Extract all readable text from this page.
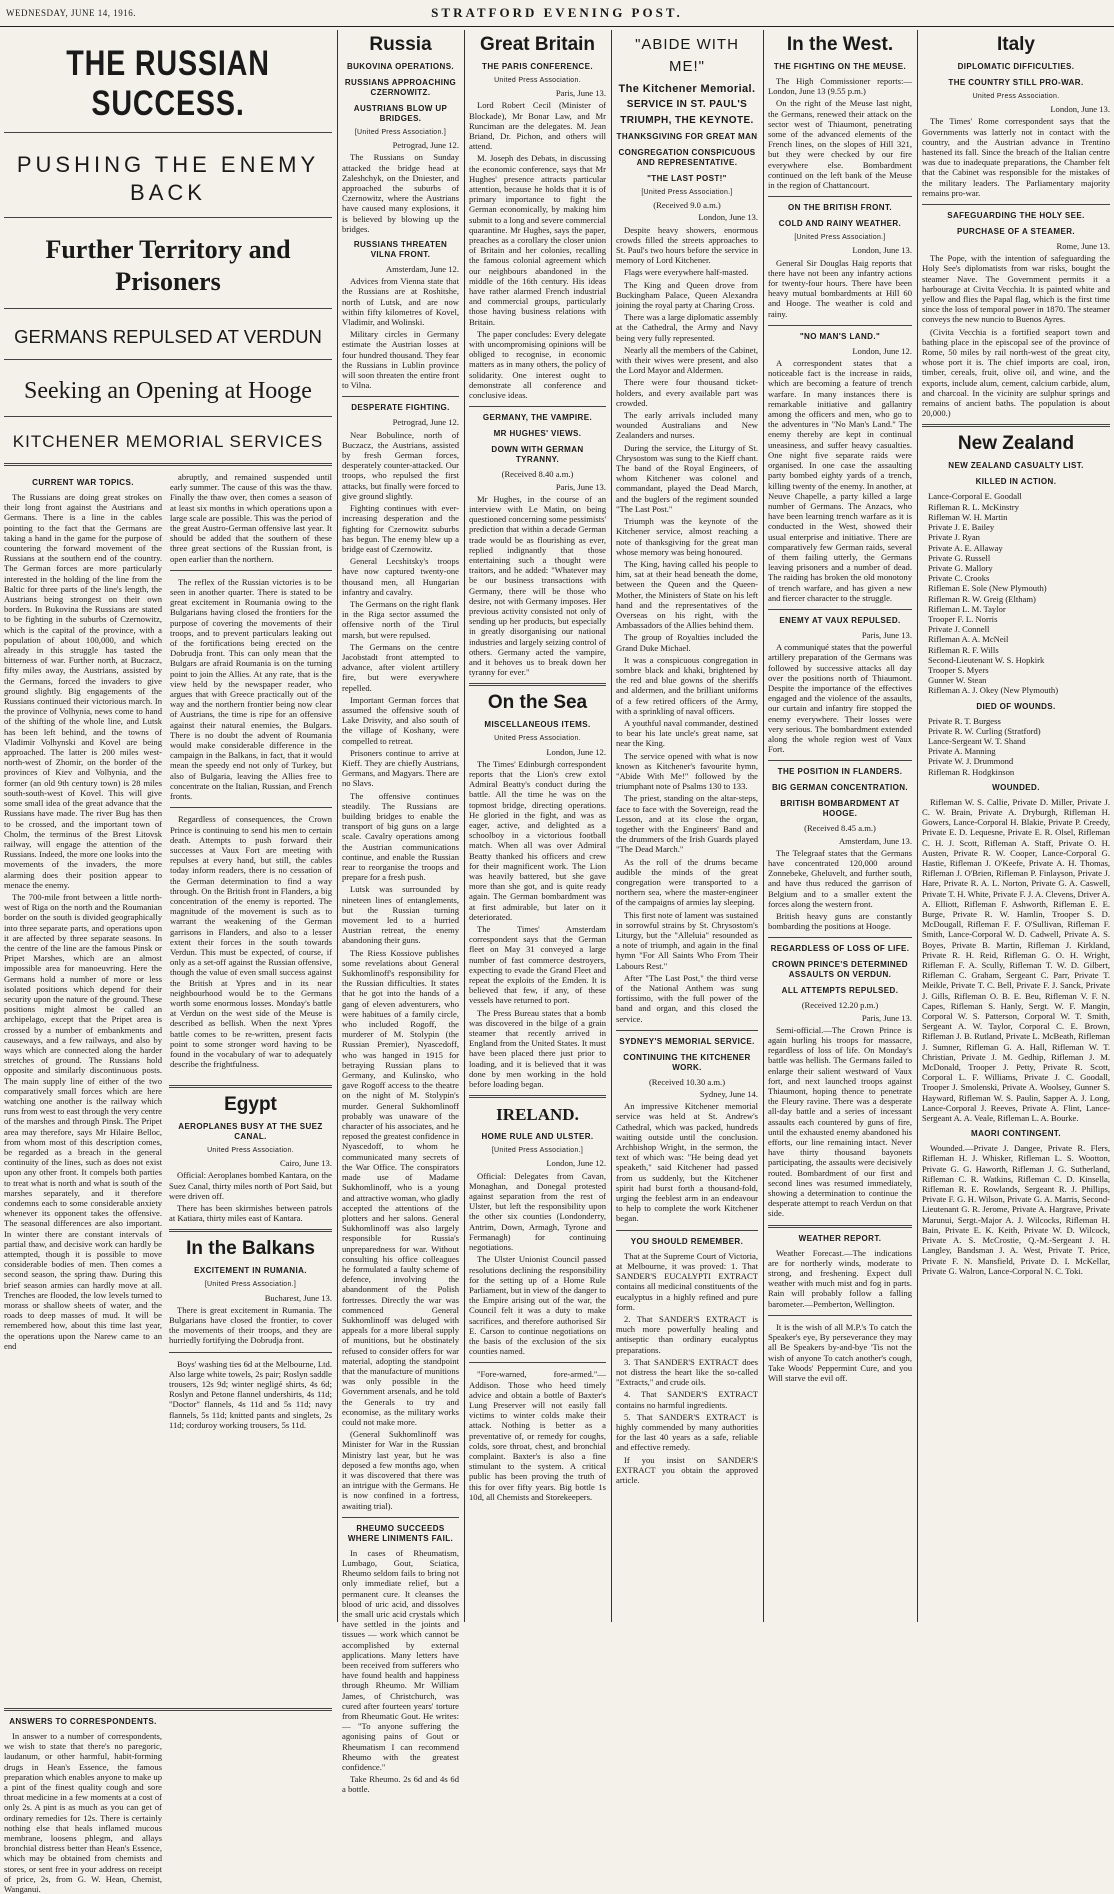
WEDNESDAY, JUNE 14, 1916.	STRATFORD EVENING POST.
THE RUSSIAN SUCCESS.
PUSHING THE ENEMY BACK
Further Territory and Prisoners
GERMANS REPULSED AT VERDUN
Seeking an Opening at Hooge
KITCHENER MEMORIAL SERVICES
CURRENT WAR TOPICS.

The Russians are doing great strokes on their long front against the Austrians and Germans. There is a line in the cables pointing to the fact that the Germans are taking a hand in the game for the purpose of countering the forward movement of the Russians at the southern end of the country. The German forces are more particularly interested in the holding of the line from the Baltic for three parts of the line's length, the Austrians being strongest on their own borders. In Bukovina the Russians are stated to be fighting in the suburbs of Czernowitz, which is the capital of the province, with a population of about 100,000, and which already in this struggle has tasted the bitterness of war. Further north, at Buczacz, fifty miles away, the Austrians, assisted by the Germans, forced the invaders to give ground slightly. Big engagements of the Russians continued their victorious march. In the province of Volhynia, news come to hand of the shifting of the whole line, and Lutsk has been left behind, and the towns of Vladimir Volhynski and Kovel are being approached. The latter is 200 miles west-north-west of Zhomir, on the border of the provinces of Kiev and Volhynia, and the former (an old 9th century town) is 28 miles south-south-west of Kovel. This will give some small idea of the great advance that the Russians have made. The river Bug has then to be crossed, and the important town of Cholm, the terminus of the Brest Litovsk railway, will engage the attention of the Russians. Indeed, the more one looks into the movements of the invaders, the more alarming does their position appear to menace the enemy.

The 700-mile front between a little north-west of Riga on the north and the Roumanian border on the south is divided geographically into three separate parts, and operations upon it are affected by three separate seasons. In the centre of the line are the famous Pinsk or Pripet Marshes, which are an almost impossible area for manoeuvring. Here the Germans hold a number of more or less isolated positions which depend for their security upon the nature of the ground. These positions might almost be called an archipelago, except that the Pripet area is crossed by a number of embankments and causeways, and a few railways, and also by ways which are connected along the harder stretches of ground. The Russians hold opposite and similarly discontinuous posts. The main supply line of either of the two comparatively small forces which are here watching one another is the railway which runs from west to east through the very centre of the marshes and through Pinsk. The Pripet area may therefore, says Mr Hilaire Belloc, from whom most of this description comes, be regarded as a breach in the general continuity of the lines, such as does not exist upon any other front. It compels both parties to treat what is north and what is south of the marshes separately, and it therefore condemns each to some considerable anxiety whenever its opponent takes the offensive. The seasonal differences are also important. In winter there are constant intervals of partial thaw, and decisive work can hardly be attempted, though it is possible to move considerable bodies of men. Then comes a second season, the spring thaw. During this brief season armies can hardly move at all. Trenches are flooded, the low levels turned to morass or shallow sheets of water, and the roads to deep masses of mud. It will be remembered how, about this time last year, the operations upon the Narew came to an end

abruptly, and remained suspended until early summer. The cause of this was the thaw. Finally the thaw over, then comes a season of at least six months in which operations upon a large scale are possible. This was the period of the great Austro-German offensive last year. It should be added that the southern of these three great sections of the Russian front, is open earlier than the northern.

The reflex of the Russian victories is to be seen in another quarter. There is stated to be great excitement in Roumania owing to the Bulgarians having closed the frontiers for the purpose of covering the movements of their troops, and to prevent particulars leaking out of the fortifications being erected on the Dobrudja front. This can only mean that the Bulgars are afraid Roumania is on the turning point to join the Allies. At any rate, that is the view held by the newspaper reader, who argues that with Greece practically out of the way and the northern frontier being now clear of Austrians, the time is ripe for an offensive against their natural enemies, the Bulgars. There is no doubt the advent of Roumania would make considerable difference in the campaign in the Balkans, in fact, that it would mean the speedy end not only of Turkey, but also of Bulgaria, leaving the Allies free to concentrate on the Italian, Russian, and French fronts.

Regardless of consequences, the Crown Prince is continuing to send his men to certain death. Attempts to push forward their successes at Vaux Fort are meeting with repulses at every hand, but still, the cables today inform readers, there is no cessation of the German determination to find a way through. On the British front in Flanders, a big concentration of the enemy is reported. The magnitude of the movement is such as to warrant the weakening of the German garrisons in Flanders, and also to a lesser extent their forces in the south towards Verdun. This must be expected, of course, if only as a set-off against the Russian offensive, though the value of even small success against the British at Ypres and in its near neighbourhood would be to the Germans worth some enormous losses. Monday's battle at Verdun on the west side of the Meuse is described as bellish. When the next Ypres battle comes to be re-written, present facts point to some stronger word having to be found in the vocabulary of war to adequately describe the frightfulness.

ANSWERS TO CORRESPONDENTS.

In answer to a number of correspondents, we wish to state that there's no paregoric, laudanum, or other harmful, habit-forming drugs in Hean's Essence, the famous preparation which enables anyone to make up a pint of the finest quality cough and sore throat medicine in a few moments at a cost of only 2s. A pint is as much as you can get of ordinary remedies for 12s. There is certainly nothing else that heals inflamed mucous membrane, loosens phlegm, and allays bronchial distress better than Hean's Essence, which may be obtained from chemists and stores, or sent free in your address on receipt of price, 2s, from G. W. Hean, Chemist, Wanganui.

Russia
BUKOVINA OPERATIONS.
RUSSIANS APPROACHING CZERNOWITZ.
AUSTRIANS BLOW UP BRIDGES.
[United Press Association.]

Petrograd, June 12.

The Russians on Sunday attacked the bridge head at Zaleshchyk, on the Dniester, and approached the suburbs of Czernowitz, where the Austrians have caused many explosions, it is believed by blowing up the bridges.

RUSSIANS THREATEN VILNA FRONT.

Amsterdam, June 12.

Advices from Vienna state that the Russians are at Roshitshe, north of Lutsk, and are now within fifty kilometres of Kovel, Vladimir, and Wolinski.

Military circles in Germany estimate the Austrian losses at four hundred thousand. They fear the Russians in Lublin province will soon threaten the entire front to Vilna.

DESPERATE FIGHTING.

Petrograd, June 12.

Near Bobulince, north of Buczacz, the Austrians, assisted by fresh German forces, desperately counter-attacked. Our troops, who repulsed the first attacks, but finally were forced to give ground slightly.

Fighting continues with ever-increasing desperation and the fighting for Czernowitz suburbs has begun. The enemy blew up a bridge east of Czernowitz.

General Lecshitsky's troops have now captured twenty-one thousand men, all Hungarian infantry and cavalry.

The Germans on the right flank in the Riga sector assumed the offensive north of the Tirul marsh, but were repulsed.

The Germans on the centre Jacobstadt front attempted to advance, after violent artillery fire, but were everywhere repelled.

Important German forces that assumed the offensive south of Lake Drisvity, and also south of the village of Koshany, were compelled to retreat.

Prisoners continue to arrive at Kieff. They are chiefly Austrians, Germans, and Magyars. There are no Slavs.

The offensive continues steadily. The Russians are building bridges to enable the transport of big guns on a large scale. Cavalry operations among the Austrian communications continue, and enable the Russian rear to reorganise the troops and prepare for a fresh push.

Lutsk was surrounded by nineteen lines of entanglements, but the Russian turning movement led to a hurried Austrian retreat, the enemy abandoning their guns.

The Riess Kossiove publishes some revelations about General Sukhomlinoff's responsibility for the Russian difficulties. It states that he got into the hands of a gang of eleven adventurers, who were habitues of a family circle, who included Rogoff, the murderer of M. Stolypin (the Russian Premier), Nyascedoff, who was hanged in 1915 for betraying Russian plans to Germany, and Kulinsko, who gave Rogoff access to the theatre on the night of M. Stolypin's murder. General Sukhomlinoff probably was unaware of the character of his associates, and he reposed the greatest confidence in Nyascedoff, to whom he communicated many secrets of the War Office. The conspirators made use of Madame Sukhomlinoff, who is a young and attractive woman, who gladly accepted the attentions of the plotters and her salons. General Sukhomlinoff was also largely responsible for Russia's unpreparedness for war. Without consulting his office colleagues he formulated a faulty scheme of defence, involving the abandonment of the Polish fortresses. Directly the war was commenced General Sukhomlinoff was deluged with appeals for a more liberal supply of munitions, but he obstinately refused to consider offers for war material, adopting the standpoint that the manufacture of munitions was only possible in the Government arsenals, and he told the Generals to try and economise, as the military works could not make more.

(General Sukhomlinoff was Minister for War in the Russian Ministry last year, but he was deposed a few months ago, when it was discovered that there was an intrigue with the Germans. He is now confined in a fortress, awaiting trial).

RHEUMO SUCCEEDS WHERE LINIMENTS FAIL.

In cases of Rheumatism, Lumbago, Gout, Sciatica, Rheumo seldom fails to bring not only immediate relief, but a permanent cure. It cleanses the blood of uric acid, and dissolves the small uric acid crystals which have settled in the joints and tissues — work which cannot be accomplished by external applications. Many letters have been received from sufferers who have found health and happiness through Rheumo. Mr William James, of Christchurch, was cured after fourteen years' torture from Rheumatic Gout. He writes: — "To anyone suffering the agonising pains of Gout or Rheumatism I can recommend Rheumo with the greatest confidence."

Take Rheumo. 2s 6d and 4s 6d a bottle.

Egypt
AEROPLANES BUSY AT THE SUEZ CANAL.
United Press Association.

Cairo, June 13.

Official: Aeroplanes bombed Kantara, on the Suez Canal, thirty miles north of Port Said, but were driven off.

There has been skirmishes between patrols at Katiara, thirty miles east of Kantara.

In the Balkans
EXCITEMENT IN RUMANIA.
[United Press Association.]

Bucharest, June 13.

There is great excitement in Rumania. The Bulgarians have closed the frontier, to cover the movements of their troops, and they are hurriedly fortifying the Dobrudja front.

Boys' washing ties 6d at the Melbourne, Ltd. Also large white towels, 2s pair; Roslyn saddle trousers, 12s 9d; winter negligé shirts, 4s 6d; Roslyn and Petone flannel undershirts, 4s 11d; "Doctor" flannels, 4s 11d and 5s 11d; navy flannels, 5s 11d; knitted pants and singlets, 2s 11d; corduroy working trousers, 5s 11d.

Great Britain
THE PARIS CONFERENCE.
United Press Association.

Paris, June 13.

Lord Robert Cecil (Minister of Blockade), Mr Bonar Law, and Mr Runciman are the delegates. M. Jean Briand, Dr. Pichon, and others will attend.

M. Joseph des Debats, in discussing the economic conference, says that Mr Hughes' presence attracts particular attention, because he holds that it is of primary importance to fight the German economically, by making him submit to a long and severe commercial quarantine. Mr Hughes, says the paper, preaches as a corollary the closer union of Britain and her colonies, recalling the famous colonial agreement which our neighbours abandoned in the middle of the 16th century. His ideas have rather alarmed French industrial and commercial groups, particularly those having business relations with Britain.

The paper concludes: Every delegate with uncompromising opinions will be obliged to recognise, in economic matters as in many others, the policy of solidarity. One interest ought to demonstrate all conference and conclusive ideas.

GERMANY, THE VAMPIRE.
MR HUGHES' VIEWS.
DOWN WITH GERMAN TYRANNY.

(Received 8.40 a.m.)

Paris, June 13.

Mr Hughes, in the course of an interview with Le Matin, on being questioned concerning some pessimists' prediction that within a decade German trade would be as flourishing as ever, replied indignantly that those entertaining such a thought were traitors, and he added: "Whatever may be our business transactions with Germany, there will be those who desire, not with Germany imposes. Her previous activity consisted not only of sending up her products, but especially in greatly disorganising our national industries and largely seizing control of others. Germany acted the vampire, and it behoves us to break down her tyranny for ever."

On the Sea
MISCELLANEOUS ITEMS.
United Press Association.

London, June 12.

The Times' Edinburgh correspondent reports that the Lion's crew extol Admiral Beatty's conduct during the battle. All the time he was on the topmost bridge, directing operations. He gloried in the fight, and was as eager, active, and delighted as a schoolboy in a victorious football match. When all was over Admiral Beatty thanked his officers and crew for their magnificent work. The Lion was heavily battered, but she gave more than she got, and is quite ready again. The German bombardment was at first admirable, but later on it deteriorated.

The Times' Amsterdam correspondent says that the German fleet on May 31 conveyed a large number of fast commerce destroyers, expecting to evade the Grand Fleet and repeat the exploits of the Emden. It is believed that few, if any, of these vessels have returned to port.

The Press Bureau states that a bomb was discovered in the bilge of a grain steamer that recently arrived in England from the United States. It must have been placed there just prior to loading, and it is believed that it was done by men working in the hold before loading began.

IRELAND.
HOME RULE AND ULSTER.
[United Press Association.]

London, June 12.

Official: Delegates from Cavan, Monaghan, and Donegal protested against separation from the rest of Ulster, but left the responsibility upon the other six counties (Londonderry, Antrim, Down, Armagh, Tyrone and Fermanagh) for continuing negotiations.

The Ulster Unionist Council passed resolutions declining the responsibility for the setting up of a Home Rule Parliament, but in view of the danger to the Empire arising out of the war, the Council felt it was a duty to make sacrifices, and therefore authorised Sir E. Carson to continue negotiations on the basis of the exclusion of the six counties named.

"Fore-warned, fore-armed."—Addison. Those who heed timely advice and obtain a bottle of Baxter's Lung Preserver will not easily fall victims to winter colds make their attack. Nothing is better as a preventative of, or remedy for coughs, colds, sore throat, chest, and bronchial complaint. Baxter's is also a fine stimulant to the system. A critical public has been proving the truth of this for over fifty years. Big bottle 1s 10d, all Chemists and Storekeepers.

"ABIDE WITH ME!"
The Kitchener Memorial.
SERVICE IN ST. PAUL'S
TRIUMPH, THE KEYNOTE.
THANKSGIVING FOR GREAT MAN
CONGREGATION CONSPICUOUS AND REPRESENTATIVE.
"THE LAST POST!"
[United Press Association.]

(Received 9.0 a.m.)

London, June 13.

Despite heavy showers, enormous crowds filled the streets approaches to St. Paul's two hours before the service in memory of Lord Kitchener.

Flags were everywhere half-masted.

The King and Queen drove from Buckingham Palace, Queen Alexandra joining the royal party at Charing Cross.

There was a large diplomatic assembly at the Cathedral, the Army and Navy being very fully represented.

Nearly all the members of the Cabinet, with their wives were present, and also the Lord Mayor and Aldermen.

There were four thousand ticket-holders, and every available part was crowded.

The early arrivals included many wounded Australians and New Zealanders and nurses.

During the service, the Liturgy of St. Chrysostom was sung to the Kieff chant. The band of the Royal Engineers, of whom Kitchener was colonel and commandant, played the Dead March, and the buglers of the regiment sounded "The Last Post."

Triumph was the keynote of the Kitchener service, almost reaching a note of thanksgiving for the great man whose memory was being honoured.

The King, having called his people to him, sat at their head beneath the dome, between the Queen and the Queen-Mother, the Ministers of State on his left hand and the representatives of the Overseas on his right, with the Ambassadors of the Allies behind them.

The group of Royalties included the Grand Duke Michael.

It was a conspicuous congregation in sombre black and khaki, brightened by the red and blue gowns of the sheriffs and aldermen, and the brilliant uniforms of a few retired officers of the Army, with a sprinkling of naval officers.

A youthful naval commander, destined to bear his late uncle's great name, sat near the King.

The service opened with what is now known as Kitchener's favourite hymn, "Abide With Me!" followed by the triumphant note of Psalms 130 to 133.

The priest, standing on the altar-steps, face to face with the Sovereign, read the Lesson, and at its close the organ, together with the Engineers' Band and the drummers of the Irish Guards played "The Dead March."

As the roll of the drums became audible the minds of the great congregation were transported to a northern sea, where the master-engineer of the campaigns of armies lay sleeping.

This first note of lament was sustained in sorrowful strains by St. Chrysostom's Liturgy, but the "Alleluia" resounded as a note of triumph, and again in the final hymn "For All Saints Who From Their Labours Rest."

After "The Last Post," the third verse of the National Anthem was sung fortissimo, with the full power of the band and organ, and this closed the service.

SYDNEY'S MEMORIAL SERVICE.
CONTINUING THE KITCHENER WORK.

(Received 10.30 a.m.)

Sydney, June 14.

An impressive Kitchener memorial service was held at St. Andrew's Cathedral, which was packed, hundreds waiting outside until the conclusion. Archbishop Wright, in the sermon, the text of which was: "He being dead yet speaketh," said Kitchener had passed from us suddenly, but the Kitchener spirit had burst forth a thousand-fold, urging the feeblest arm in an endeavour to help to complete the work Kitchener began.

YOU SHOULD REMEMBER.

That at the Supreme Court of Victoria, at Melbourne, it was proved: 1. That SANDER'S EUCALYPTI EXTRACT contains all medicinal constituents of the eucalyptus in a highly refined and pure form.

2. That SANDER'S EXTRACT is much more powerfully healing and antiseptic than ordinary eucalyptus preparations.

3. That SANDER'S EXTRACT does not distress the heart like the so-called "Extracts," and crude oils.

4. That SANDER'S EXTRACT contains no harmful ingredients.

5. That SANDER'S EXTRACT is highly commended by many authorities for the last 40 years as a safe, reliable and effective remedy.

If you insist on SANDER'S EXTRACT you obtain the approved article.

In the West.
THE FIGHTING ON THE MEUSE.

The High Commissioner reports:— London, June 13 (9.55 p.m.)

On the right of the Meuse last night, the Germans, renewed their attack on the sector west of Thiaumont, penetrating some of the advanced elements of the French lines, on the slopes of Hill 321, but they were checked by our fire everywhere else. Bombardment continued on the left bank of the Meuse in the region of Chattancourt.

ON THE BRITISH FRONT.
COLD AND RAINY WEATHER.
[United Press Association.]

London, June 13.

General Sir Douglas Haig reports that there have not been any infantry actions for twenty-four hours. There have been heavy mutual bombardments at Hill 60 and Hooge. The weather is cold and rainy.

"NO MAN'S LAND."

London, June 12.

A correspondent states that a noticeable fact is the increase in raids, which are becoming a feature of trench warfare. In many instances there is remarkable initiative and gallantry among the officers and men, who go to the adventures in "No Man's Land." The enemy thereby are kept in continual uneasiness, and suffer heavy casualties. One night five separate raids were organised. In one case the assaulting party bombed eighty yards of a trench, killing twenty of the enemy. In another, at Neuve Chapelle, a party killed a large number of Germans. The Anzacs, who have been learning trench warfare as it is conducted in the West, showed their usual enterprise and initiative. There are comparatively few German raids, several of them failing utterly, the Germans leaving prisoners and a number of dead. The raiding has broken the old monotony of trench warfare, and has given a new and fiercer character to the struggle.

ENEMY AT VAUX REPULSED.

Paris, June 13.

A communiqué states that the powerful artillery preparation of the Germans was followed by successive attacks all day over the positions north of Thiaumont. Despite the importance of the effectives engaged and the violence of the assaults, our curtain and infantry fire stopped the enemy everywhere. Their losses were very serious. The bombardment extended along the whole region west of Vaux Fort.

THE POSITION IN FLANDERS.
BIG GERMAN CONCENTRATION.
BRITISH BOMBARDMENT AT HOOGE.

(Received 8.45 a.m.)

Amsterdam, June 13.

The Telegraaf states that the Germans have concentrated 120,000 around Zonnebeke, Gheluvelt, and further south, and have thus reduced the garrison of Belgium and to a smaller extent the forces along the western front.

British heavy guns are constantly bombarding the positions at Hooge.

REGARDLESS OF LOSS OF LIFE.
CROWN PRINCE'S DETERMINED ASSAULTS ON VERDUN.
ALL ATTEMPTS REPULSED.

(Received 12.20 p.m.)

Paris, June 13.

Semi-official.—The Crown Prince is again hurling his troops for massacre, regardless of loss of life. On Monday's battle was hellish. The Germans failed to enlarge their salient westward of Vaux fort, and next launched troops against Thiaumont, hoping thence to penetrate the Fleury ravine. There was a desperate all-day battle and a series of incessant assaults each countered by guns of fire, until the exhausted enemy abandoned his efforts, our line remaining intact. Never have thirty thousand bayonets participating, the assaults were decisively routed. Bombardment of our first and second lines was resumed immediately, showing a determination to continue the desperate attempt to reach Verdun on that side.

WEATHER REPORT.

Weather Forecast.—The indications are for northerly winds, moderate to strong, and freshening. Expect dull weather with much mist and fog in parts. Rain will probably follow a falling barometer.—Pemberton, Wellington.

It is the wish of all M.P.'s To catch the Speaker's eye, By perseverance they may all Be Speakers by-and-bye 'Tis not the wish of anyone To catch another's cough, Take Woods' Peppermint Cure, and you Will starve the evil off.

Italy
DIPLOMATIC DIFFICULTIES.
THE COUNTRY STILL PRO-WAR.
United Press Association.

London, June 13.

The Times' Rome correspondent says that the Governments was latterly not in contact with the country, and the Austrian advance in Trentino hastened its fall. Since the breach of the Italian centre was due to inadequate preparations, the Chamber felt that the Cabinet was responsible for the mistakes of the military leaders. The Parliamentary majority remains pro-war.

SAFEGUARDING THE HOLY SEE.
PURCHASE OF A STEAMER.

Rome, June 13.

The Pope, with the intention of safeguarding the Holy See's diplomatists from war risks, bought the steamer Nave. The Government permits it a harbourage at Civita Vecchia. It is painted white and yellow and flies the Papal flag, which is the first time since the loss of temporal power in 1870. The steamer conveys the new nuncio to Buenos Ayres.

(Civita Vecchia is a fortified seaport town and bathing place in the episcopal see of the province of Rome, 50 miles by rail north-west of the great city, whose port it is. The chief imports are coal, iron, timber, cereals, fruit, olive oil, and wine, and the exports, include alum, cement, calcium carbide, alum, and charcoal. In the vicinity are sulphur springs and remains of ancient baths. The population is about 20,000.)

New Zealand
NEW ZEALAND CASUALTY LIST.
KILLED IN ACTION.
Lance-Corporal E. Goodall
Rifleman R. L. McKinstry
Rifleman W. H. Martin
Private J. E. Bailey
Private J. Ryan
Private A. E. Allaway
Private G. Russell
Private G. Mallory
Private C. Crooks
Rifleman E. Sole (New Plymouth)
Rifleman R. W. Greig (Eltham)
Rifleman L. M. Taylor
Trooper F. L. Norris
Private J. Connell
Rifleman A. A. McNeil
Rifleman R. F. Wills
Second-Lieutenant W. S. Hopkirk
Trooper S. Myers
Gunner W. Stean
Rifleman A. J. Okey (New Plymouth)
DIED OF WOUNDS.
Private R. T. Burgess
Private R. W. Curling (Stratford)
Lance-Sergeant W. T. Shand
Private A. Manning
Private W. J. Drummond
Rifleman R. Hodgkinson
WOUNDED.

Rifleman W. S. Callie, Private D. Miller, Private J. C. W. Brain, Private A. Dryburgh, Rifleman H. Gowers, Lance-Corporal H. Blakie, Private P. Creedy, Private E. D. Lequesne, Private E. R. Olsel, Rifleman C. H. J. Scott, Rifleman A. Staff, Private O. H. Austen, Private R. W. Cooper, Lance-Corporal G. Hastie, Rifleman J. O'Keefe, Private A. H. Thomas, Rifleman J. O'Brien, Rifleman P. Finlayson, Private J. Hare, Private R. A. L. Norton, Private G. A. Caswell, Private T. H. White, Private F. J. A. Clevens, Driver A. A. Elliott, Rifleman F. Ashworth, Rifleman E. E. Burge, Private R. W. Hamlin, Trooper S. D. McDougall, Rifleman F. F. O'Sullivan, Rifleman F. Smith, Lance-Corporal W. D. Cadwell, Private A. S. Boyes, Private B. Martin, Rifleman J. Kirkland, Private R. H. Reid, Rifleman G. O. H. Wright, Rifleman F. A. Scully, Rifleman T. W. D. Gilbert, Rifleman C. Graham, Sergeant C. Parr, Private T. Meikle, Private T. C. Bell, Private F. J. Sanck, Private J. Gills, Rifleman O. B. E. Beu, Rifleman V. F. N. Capes, Rifleman S. Hanly, Sergt. W. F. Mangin, Corporal W. S. Patterson, Corporal W. T. Smith, Sergeant A. W. Taylor, Corporal C. E. Brown, Rifleman J. B. Rutland, Private L. McBeath, Rifleman J. Sumner, Rifleman G. A. Hall, Rifleman W. T. Christian, Private J. M. Gedhip, Rifleman J. M. McDonald, Trooper J. Petty, Private R. Scott, Corporal L. F. Williams, Private J. C. Goodall, Trooper J. Smolenski, Private A. Woolsey, Gunner S. Hayward, Rifleman W. S. Paulin, Sapper A. J. Long, Lance-Corporal J. Reeves, Private A. Flint, Lance-Sergeant A. A. Veale, Rifleman L. A. Bourke.

MAORI CONTINGENT.

Wounded.—Private J. Dangee, Private R. Flers, Rifleman H. J. Whisker, Rifleman L. S. Wootton, Private G. G. Haworth, Rifleman J. G. Sutherland, Rifleman C. R. Watkins, Rifleman C. D. Kinsella, Rifleman R. E. Rowlands, Sergeant R. J. Phillips, Private F. G. H. Wilson, Private G. A. Marris, Second-Lieutenant G. R. Jerome, Private A. Hargrave, Private Marunui, Sergt.-Major A. J. Wilcocks, Rifleman H. Bain, Private E. K. Keith, Private W. D. Wilcock, Private A. S. McCrostie, Q.-M.-Sergeant J. H. Langley, Bandsman J. A. West, Private T. Price, Private F. N. Mansfield, Private D. I. McKellar, Private G. Walron, Lance-Corporal N. C. Toki.
